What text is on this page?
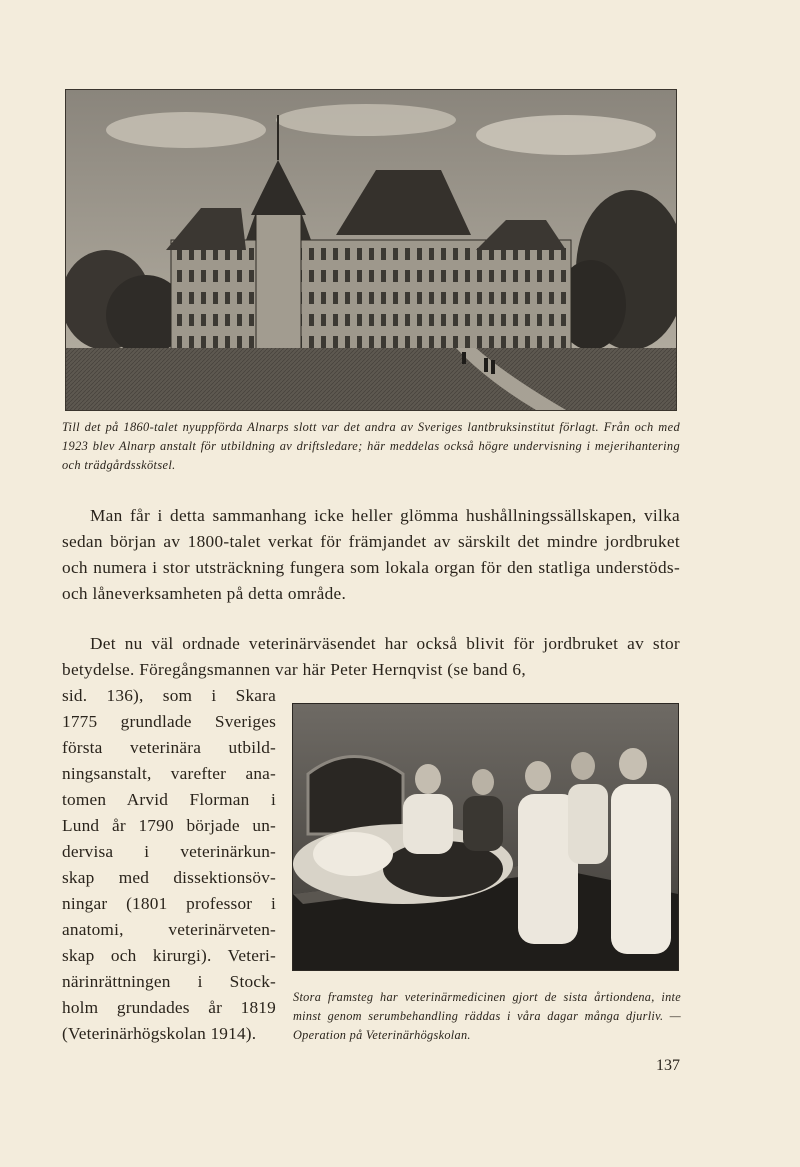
Till det på 1860-talet nyuppförda Alnarps slott var det andra av Sveriges lantbruksinstitut förlagt. Från och med 1923 blev Alnarp anstalt för utbildning av driftsledare; här meddelas också högre undervisning i mejerihantering och trädgårdsskötsel.
Man får i detta sammanhang icke heller glömma hushållningssällskapen, vilka sedan början av 1800-talet verkat för främjandet av särskilt det mindre jordbruket och numera i stor utsträckning fungera som lokala organ för den statliga understöds- och låneverksamheten på detta område.
Det nu väl ordnade veterinärväsendet har också blivit för jordbruket av stor betydelse. Föregångsmannen var här Peter Hernqvist (se band 6,
sid. 136), som i Skara
1775 grundlade Sveriges
första veterinära utbild-
ningsanstalt, varefter ana-
tomen Arvid Florman i
Lund år 1790 började un-
dervisa i veterinärkun-
skap med dissektionsöv-
ningar (1801 professor i
anatomi, veterinärveten-
skap och kirurgi). Veteri-
närinrättningen i Stock-
holm grundades år 1819
(Veterinärhögskolan 1914).
Stora framsteg har veterinärmedicinen gjort de sista årtiondena, inte minst genom serumbehandling räddas i våra dagar många djurliv. — Operation på Veterinärhögskolan.
137
